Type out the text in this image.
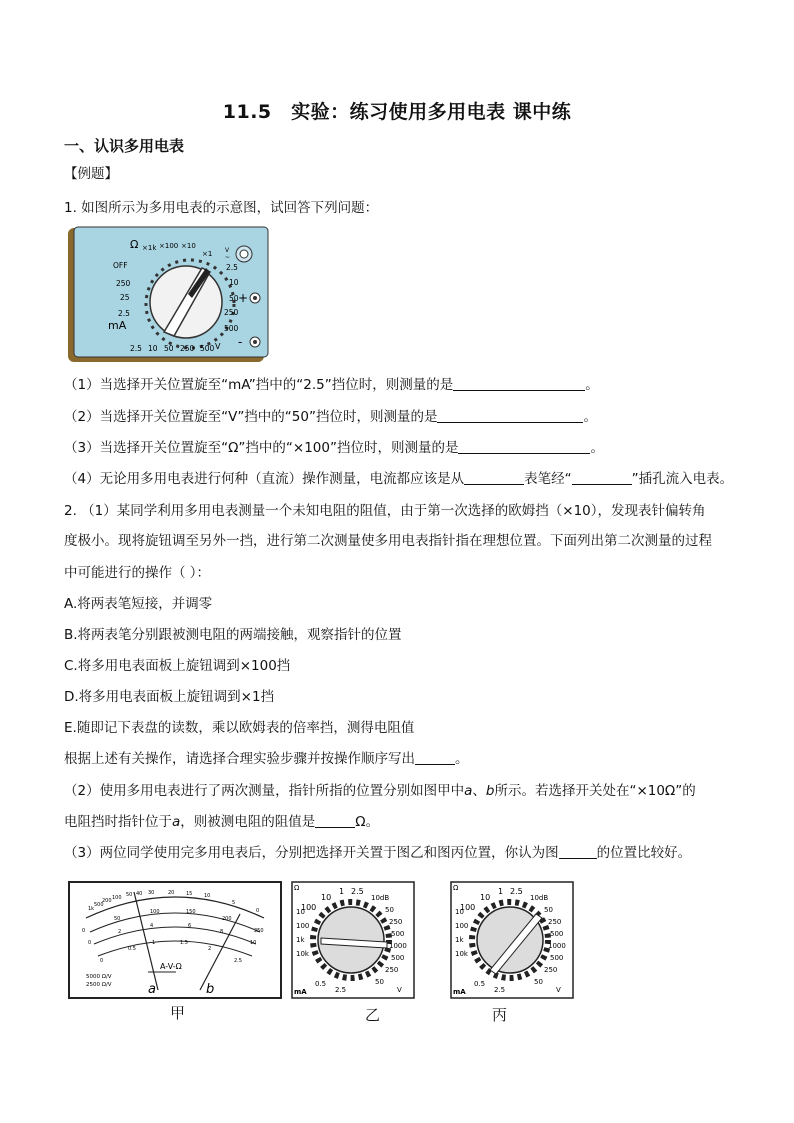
11.5　实验：练习使用多用电表 课中练
一、认识多用电表
【例题】
1. 如图所示为多用电表的示意图，试回答下列问题：
Ω ×1k ×100 ×10
×1
OFF
250
25
2.5
mA
2.5 10 50 250 500 V
2.5
10
50
250
500
+
-
V
~
（1）当选择开关位置旋至“mA”挡中的“2.5”挡位时，则测量的是	。
（2）当选择开关位置旋至“V”挡中的“50”挡位时，则测量的是	。
（3）当选择开关位置旋至“Ω”挡中的“×100”挡位时，则测量的是	。
（4）无论用多用电表进行何种（直流）操作测量，电流都应该是从	表笔经“	”插孔流入电表。
2. （1）某同学利用多用电表测量一个未知电阻的阻值，由于第一次选择的欧姆挡（×10），发现表针偏转角
度极小。现将旋钮调至另外一挡，进行第二次测量使多用电表指针指在理想位置。下面列出第二次测量的过程
中可能进行的操作（ ）：
A.将两表笔短接，并调零
B.将两表笔分别跟被测电阻的两端接触，观察指针的位置
C.将多用电表面板上旋钮调到×100挡
D.将多用电表面板上旋钮调到×1挡
E.随即记下表盘的读数，乘以欧姆表的倍率挡，测得电阻值
根据上述有关操作，请选择合理实验步骤并按操作顺序写出	。
（2）使用多用电表进行了两次测量，指针所指的位置分别如图甲中a、b所示。若选择开关处在“×10Ω”的
电阻挡时指针位于a，则被测电阻的阻值是	Ω。
（3）两位同学使用完多用电表后，分别把选择开关置于图乙和图丙位置，你认为图	的位置比较好。
1k
500
200 100 50 40 30	20 15 10
5
0
0
50
100	150
200
250
0
2
4	6
8
10
0
0.5
1	1.5
2
2.5
A-V-Ω
5000 Ω/V
2500 Ω/V	a	b
甲
Ω	1 2.5
10
100
10
100
1k
10k
10dB
50
250
500
1000
500
250
50
mA
0.5
2.5	V
乙
Ω	1 2.5
10
100
10
100
1k
10k
10dB
50
250
500
1000
500
250
50
mA
0.5
2.5	V
丙
